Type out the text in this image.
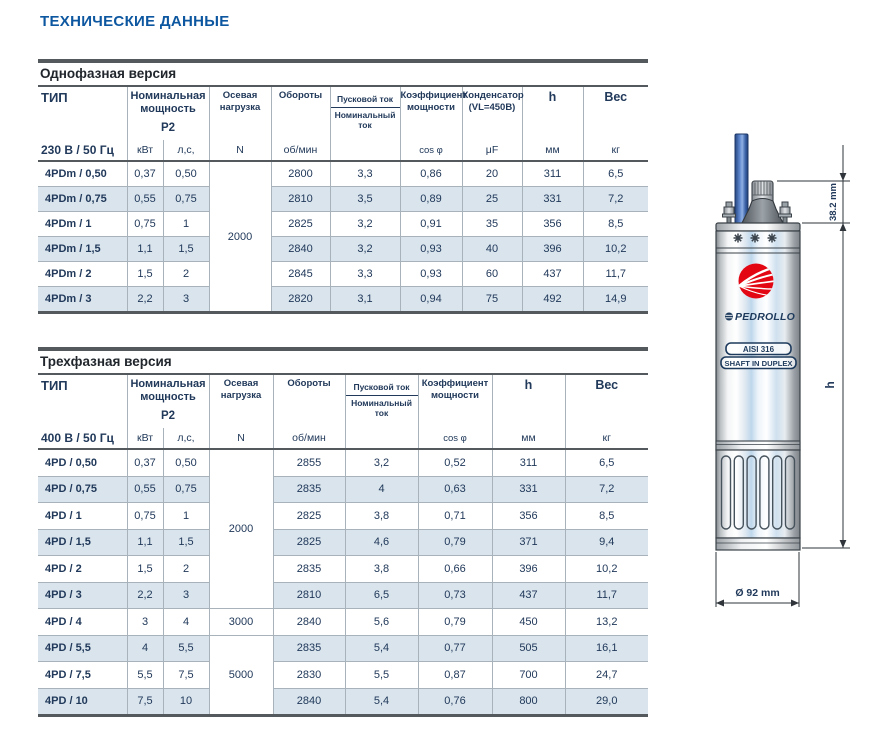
ТЕХНИЧЕСКИЕ ДАННЫЕ
Однофазная версия
ТИП	Номинальная мощность
P2

Осевая
нагрузка
	Обороты	$\frac{\text{Пусковой ток}}{\text{Номинальный ток}}$	Коэффициент
мощности

Конденсатор
(VL=450В)
	h	Вес
230 В / 50 Гц	кВт	л,с,	N	об/мин		cos φ	μF	мм	кг
4PDm / 0,50	0,37	0,50	2000	2800	3,3	0,86	20	311	6,5
4PDm / 0,75	0,55	0,75		2810	3,5	0,89	25	331	7,2
4PDm / 1	0,75	1		2825	3,2	0,91	35	356	8,5
4PDm / 1,5	1,1	1,5		2840	3,2	0,93	40	396	10,2
4PDm / 2	1,5	2		2845	3,3	0,93	60	437	11,7
4PDm / 3	2,2	3		2820	3,1	0,94	75	492	14,9
Трехфазная версия
ТИП	Номинальная мощность
P2

Осевая
нагрузка
	Обороты	$\frac{\text{Пусковой ток}}{\text{Номинальный ток}}$	Коэффициент
мощности
	h	Вес
400 В / 50 Гц	кВт	л,с,	N	об/мин		cos φ	мм	кг
4PD / 0,50	0,37	0,50	2000	2855	3,2	0,52	311	6,5
4PD / 0,75	0,55	0,75		2835	4	0,63	331	7,2
4PD / 1	0,75	1		2825	3,8	0,71	356	8,5
4PD / 1,5	1,1	1,5		2825	4,6	0,79	371	9,4
4PD / 2	1,5	2		2835	3,8	0,66	396	10,2
4PD / 3	2,2	3		2810	6,5	0,73	437	11,7
4PD / 4	3	4	3000	2840	5,6	0,79	450	13,2
4PD / 5,5	4	5,5	5000	2835	5,4	0,77	505	16,1
4PD / 7,5	5,5	7,5		2830	5,5	0,87	700	24,7
4PD / 10	7,5	10		2840	5,4	0,76	800	29,0
PEDROLLO
AISI 316
SHAFT IN DUPLEX
Ø 92 mm
38.2 mm
h
